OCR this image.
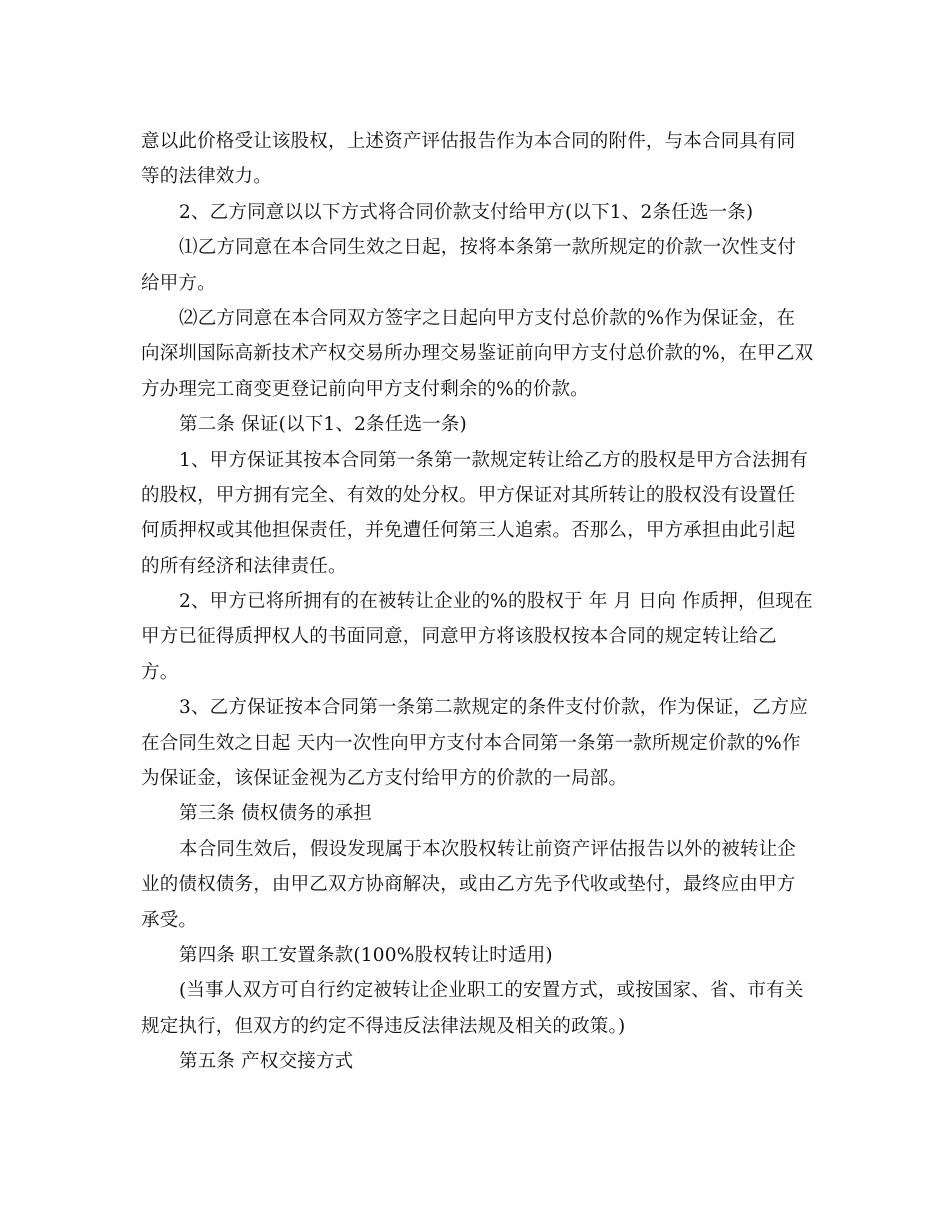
意以此价格受让该股权，上述资产评估报告作为本合同的附件，与本合同具有同
等的法律效力。
2、乙方同意以以下方式将合同价款支付给甲方(以下1、2条任选一条)
⑴乙方同意在本合同生效之日起，按将本条第一款所规定的价款一次性支付
给甲方。
⑵乙方同意在本合同双方签字之日起向甲方支付总价款的%作为保证金，在
向深圳国际高新技术产权交易所办理交易鉴证前向甲方支付总价款的%，在甲乙双
方办理完工商变更登记前向甲方支付剩余的%的价款。
第二条 保证(以下1、2条任选一条)
1、甲方保证其按本合同第一条第一款规定转让给乙方的股权是甲方合法拥有
的股权，甲方拥有完全、有效的处分权。甲方保证对其所转让的股权没有设置任
何质押权或其他担保责任，并免遭任何第三人追索。否那么，甲方承担由此引起
的所有经济和法律责任。
2、甲方已将所拥有的在被转让企业的%的股权于 年 月 日向 作质押，但现在
甲方已征得质押权人的书面同意，同意甲方将该股权按本合同的规定转让给乙
方。
3、乙方保证按本合同第一条第二款规定的条件支付价款，作为保证，乙方应
在合同生效之日起 天内一次性向甲方支付本合同第一条第一款所规定价款的%作
为保证金，该保证金视为乙方支付给甲方的价款的一局部。
第三条 债权债务的承担
本合同生效后，假设发现属于本次股权转让前资产评估报告以外的被转让企
业的债权债务，由甲乙双方协商解决，或由乙方先予代收或垫付，最终应由甲方
承受。
第四条 职工安置条款(100%股权转让时适用)
(当事人双方可自行约定被转让企业职工的安置方式，或按国家、省、市有关
规定执行，但双方的约定不得违反法律法规及相关的政策。)
第五条 产权交接方式
